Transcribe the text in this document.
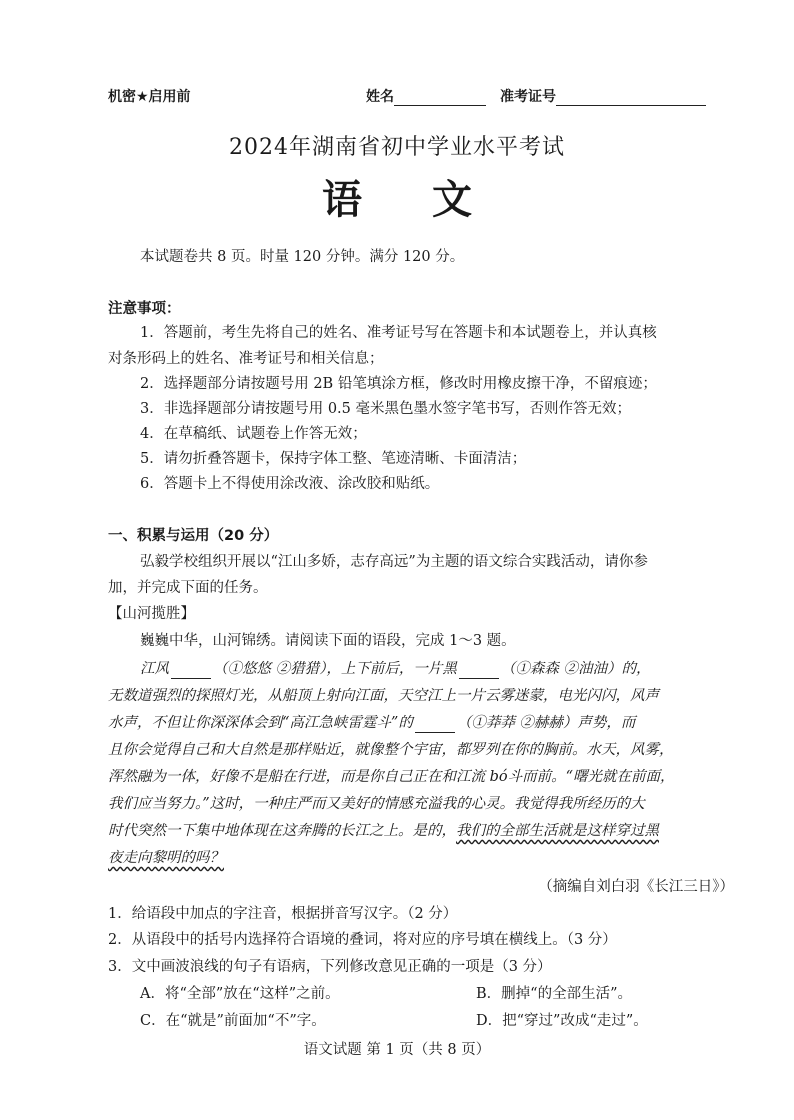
机密★启用前	姓名	准考证号
2024年湖南省初中学业水平考试
语文
本试题卷共 8 页。时量 120 分钟。满分 120 分。
注意事项：
1．答题前，考生先将自己的姓名、准考证号写在答题卡和本试题卷上，并认真核
对条形码上的姓名、准考证号和相关信息；
2．选择题部分请按题号用 2B 铅笔填涂方框，修改时用橡皮擦干净，不留痕迹；
3．非选择题部分请按题号用 0.5 毫米黑色墨水签字笔书写，否则作答无效；
4．在草稿纸、试题卷上作答无效；
5．请勿折叠答题卡，保持字体工整、笔迹清晰、卡面清洁；
6．答题卡上不得使用涂改液、涂改胶和贴纸。
一、积累与运用（20 分）
弘毅学校组织开展以“江山多娇，志存高远”为主题的语文综合实践活动，请你参
加，并完成下面的任务。
【山河揽胜】
巍巍中华，山河锦绣。请阅读下面的语段，完成 1～3 题。
江风	（①悠悠 ②猎猎），上下前后，一片黑	（①森森 ②油油）的，
无数道强烈的探照灯光，从船顶上射向江面，天空江上一片云雾迷蒙，电光闪闪，风声
水声，不但让你深深体会到“高江急峡雷霆斗”的	（①莽莽 ②赫赫）声势，而
且你会觉得自己和大自然是那样贴近，就像整个宇宙，都罗列在你的胸前。水天，风雾，
浑然融为一体，好像不是船在行进，而是你自己正在和江流 bó斗而前。“曙光就在前面，
我们应当努力。”这时，一种庄严而又美好的情感充溢我的心灵。我觉得我所经历的大
时代突然一下集中地体现在这奔腾的长江之上。是的，我们的全部生活就是这样穿过黑
夜走向黎明的吗？
（摘编自刘白羽《长江三日》）
1．给语段中加点的字注音，根据拼音写汉字。（2 分）
2．从语段中的括号内选择符合语境的叠词，将对应的序号填在横线上。（3 分）
3．文中画波浪线的句子有语病，下列修改意见正确的一项是（3 分）
A．将“全部”放在“这样”之前。	B．删掉“的全部生活”。
C．在“就是”前面加“不”字。	D．把“穿过”改成“走过”。
语文试题 第 1 页（共 8 页）
